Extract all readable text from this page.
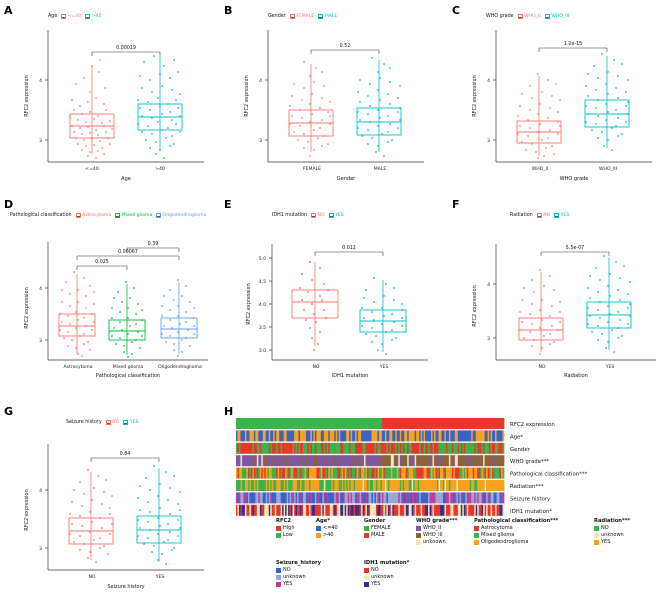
A	B	C
D	E	F
G	H
Age <=40 >40
3
4
RFC2 expression
<=40	>40
Age
0.00019
Gender FEMALE MALE
3
4
RFC2 expression
FEMALE	MALE
Gender
0.52
WHO grade WHO_II WHO_III
3
4
RFC2 expression
WHO_II	WHO_III
WHO grade
1.2e-15
Pathological classification Astrocytoma Mixed glioma Oligodendroglioma
3
4
RFC2 expression
Astrocytoma	Mixed glioma	Oligodendroglioma
Pathological classification
0.025
0.39
0.00067
IDH1 mutation NO YES
3.0
3.5
4.0
4.5
5.0
RFC2 expression
NO	YES
IDH1 mutation
0.012
Radiation NO YES
3
4
RFC2 expression
NO	YES
Radiation
5.5e-07
Seizure history NO YES
3
4
RFC2 expression
NO	YES
Seizure history
0.84
RFC2 expression
Age*
Gender
WHO grade***
Pathological classification***
Radiation***
Seizure history
IDH1 mutation*
RFC2
High
Low
Age*
<=40
>40
Gender
FEMALE
MALE
WHO grade***
WHO_II
WHO_III
unknown
Pathological classification***
Astrocytoma
Mixed glioma
Oligodendroglioma
Radiation***
NO
unknown
YES
Seizure_history
NO
unknown
YES
IDH1 mutation*
NO
unknown
YES
